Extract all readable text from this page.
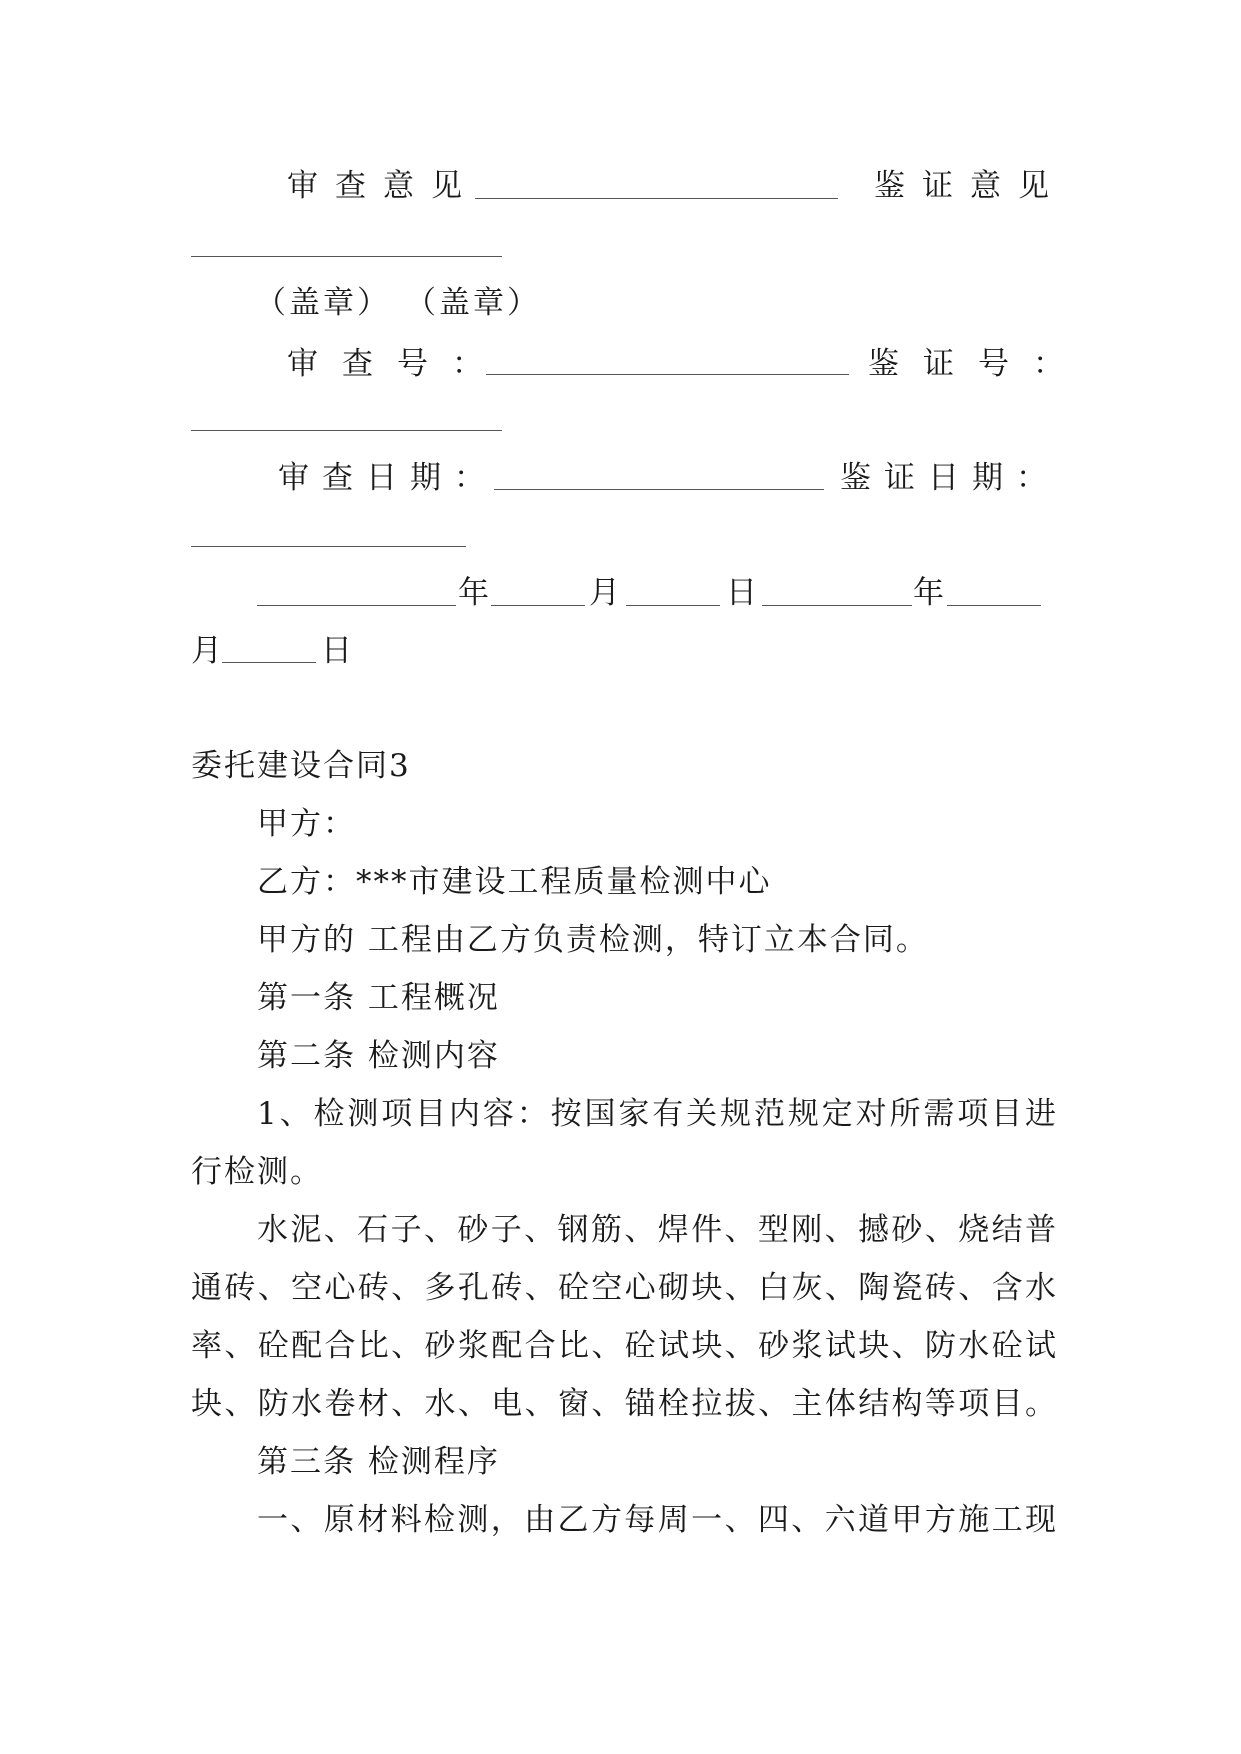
审查意见	鉴证意见
（盖章） （盖章）
审查号：	鉴证号：
审查日期：	鉴证日期：
年	月	日	年
月	日
委托建设合同3
甲方：
乙方：***市建设工程质量检测中心
甲方的 工程由乙方负责检测，特订立本合同。
第一条 工程概况
第二条 检测内容
1、检测项目内容：按国家有关规范规定对所需项目进
行检测。
水泥、石子、砂子、钢筋、焊件、型刚、撼砂、烧结普
通砖、空心砖、多孔砖、砼空心砌块、白灰、陶瓷砖、含水
率、砼配合比、砂浆配合比、砼试块、砂浆试块、防水砼试
块、防水卷材、水、电、窗、锚栓拉拔、主体结构等项目。
第三条 检测程序
一、原材料检测，由乙方每周一、四、六道甲方施工现
